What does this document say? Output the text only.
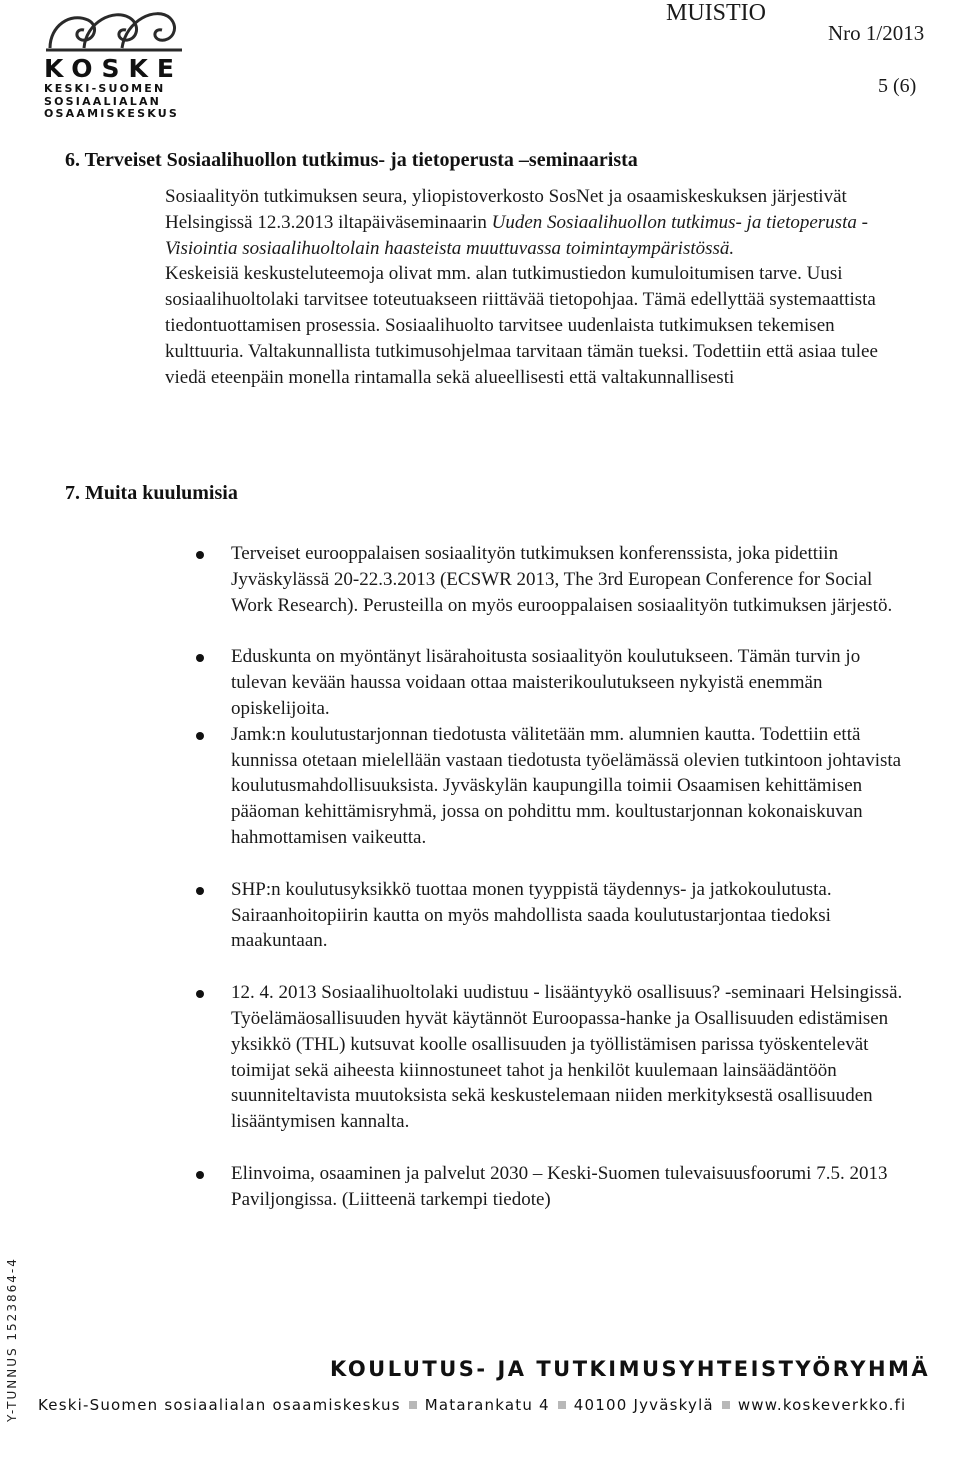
KOSKE
KESKI-SUOMEN
SOSIAALIALAN
OSAAMISKESKUS
MUISTIO
Nro 1/2013
5 (6)
6. Terveiset Sosiaalihuollon tutkimus- ja tietoperusta –seminaarista

Sosiaalityön tutkimuksen seura, yliopistoverkosto SosNet ja osaamiskeskuksen järjestivät Helsingissä 12.3.2013 iltapäiväseminaarin Uuden Sosiaalihuollon tutkimus- ja tietoperusta - Visiointia sosiaalihuoltolain haasteista muuttuvassa toimintaympäristössä.

Keskeisiä keskusteluteemoja olivat mm. alan tutkimustiedon kumuloitumisen tarve. Uusi sosiaalihuoltolaki tarvitsee toteutuakseen riittävää tietopohjaa. Tämä edellyttää systemaattista tiedontuottamisen prosessia. Sosiaalihuolto tarvitsee uudenlaista tutkimuksen tekemisen kulttuuria. Valtakunnallista tutkimusohjelmaa tarvitaan tämän tueksi. Todettiin että asiaa tulee viedä eteenpäin monella rintamalla sekä alueellisesti että valtakunnallisesti

7. Muita kuulumisia
Terveiset eurooppalaisen sosiaalityön tutkimuksen konferenssista, joka pidettiin Jyväskylässä 20-22.3.2013 (ECSWR 2013, The 3rd European Conference for Social Work Research). Perusteilla on myös eurooppalaisen sosiaalityön tutkimuksen järjestö.
Eduskunta on myöntänyt lisärahoitusta sosiaalityön koulutukseen. Tämän turvin jo tulevan kevään haussa voidaan ottaa maisterikoulutukseen nykyistä enemmän opiskelijoita.
Jamk:n koulutustarjonnan tiedotusta välitetään mm. alumnien kautta. Todettiin että kunnissa otetaan mielellään vastaan tiedotusta työelämässä olevien tutkintoon johtavista koulutusmahdollisuuksista. Jyväskylän kaupungilla toimii Osaamisen kehittämisen pääoman kehittämisryhmä, jossa on pohdittu mm. koultustarjonnan kokonaiskuvan hahmottamisen vaikeutta.
SHP:n koulutusyksikkö tuottaa monen tyyppistä täydennys- ja jatkokoulutusta. Sairaanhoitopiirin kautta on myös mahdollista saada koulutustarjontaa tiedoksi maakuntaan.
12. 4. 2013 Sosiaalihuoltolaki uudistuu - lisääntyykö osallisuus? -seminaari Helsingissä. Työelämäosallisuuden hyvät käytännöt Euroopassa-hanke ja Osallisuuden edistämisen yksikkö (THL) kutsuvat koolle osallisuuden ja työllistämisen parissa työskentelevät toimijat sekä aiheesta kiinnostuneet tahot ja henkilöt kuulemaan lainsäädäntöön suunniteltavista muutoksista sekä keskustelemaan niiden merkityksestä osallisuuden lisääntymisen kannalta.
Elinvoima, osaaminen ja palvelut 2030 – Keski-Suomen tulevaisuusfoorumi 7.5. 2013 Paviljongissa. (Liitteenä tarkempi tiedote)
Y-TUNNUS 1523864-4	KOULUTUS- JA TUTKIMUSYHTEISTYÖRYHMÄ
Keski-Suomen sosiaalialan osaamiskeskus Matarankatu 4 40100 Jyväskylä www.koskeverkko.fi
